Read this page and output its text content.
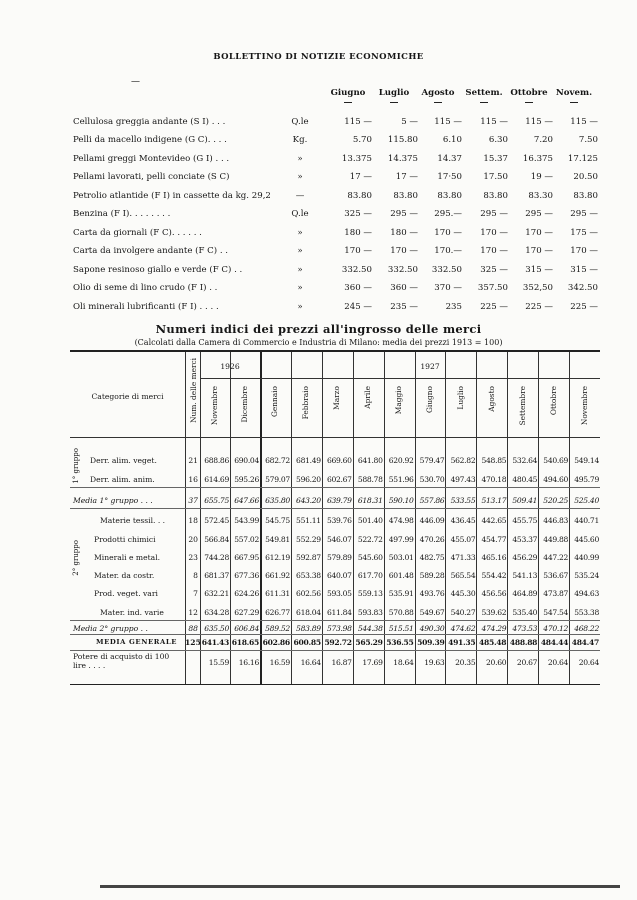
BOLLETTINO DI NOTIZIE ECONOMICHE
—
Giugno	Luglio	Agosto	Settem. Ottobre Novem.
Cellulosa greggia andante (S I) . . .	Q.le	115 —	5 —	115 —	115 —	115 —	115 —
Pelli da macello indigene (G C). . . .	Kg.	5.70	115.80	6.10	6.30	7.20	7.50
Pellami greggi Montevideo (G I) . . .	»	13.375	14.375	14.37	15.37	16.375	17.125
Pellami lavorati, pelli conciate (S C)	»	17 —	17 —	17·50	17.50	19 —	20.50
Petrolio atlantide (F I) in cassette da kg. 29,2	—	83.80	83.80	83.80	83.80	83.30	83.80
Benzina (F I). . . . . . . .	Q.le	325 —	295 —	295.—	295 —	295 —	295 —
Carta da giornali (F C). . . . . .	»	180 —	180 —	170 —	170 —	170 —	175 —
Carta da involgere andante (F C) . .	»	170 —	170 —	170.—	170 —	170 —	170 —
Sapone resinoso giallo e verde (F C) . .	»	332.50	332.50	332.50	325 —	315 —	315 —
Olio di seme di lino crudo (F I) . .	»	360 —	360 —	370 —	357.50	352,50	342.50
Oli minerali lubrificanti (F I) . . . .	»	245 —	235 —	235	225 —	225 —	225 —
Numeri indici dei prezzi all'ingrosso delle merci
(Calcolati dalla Camera di Commercio e Industria di Milano: media dei prezzi 1913 = 100)
Categorie di merci	Num. delle merci	1926	1927
Novembre	Dicembre	Gennaio	Febbraio	Marzo	Aprile	Maggio	Giugno	Luglio	Agosto	Settembre	Ottobre	Novembre
1° gruppo
2° gruppo
Derr. alim. veget.	21 688.86 690.04 682.72 681.49 669.60 641.80 620.92 579.47 562.82 548.85 532.64 540.69 549.14
Derr. alim. anim.	16 614.69 595.26 579.07 596.20 602.67 588.78 551.96 530.70 497.43 470.18 480.45 494.60 495.79
Media 1° gruppo . . .	37 655.75 647.66 635.80 643.20 639.79 618.31 590.10 557.86 533.55 513.17 509.41 520.25 525.40
Materie tessil. . .	18 572.45 543.99 545.75 551.11 539.76 501.40 474.98 446.09 436.45 442.65 455.75 446.83 440.71
Prodotti chimici	20 566.84 557.02 549.81 552.29 546.07 522.72 497.99 470.26 455.07 454.77 453.37 449.88 445.60
Minerali e metal.	23 744.28 667.95 612.19 592.87 579.89 545.60 503.01 482.75 471.33 465.16 456.29 447.22 440.99
Mater. da costr.	8 681.37 677.36 661.92 653.38 640.07 617.70 601.48 589.28 565.54 554.42 541.13 536.67 535.24
Prod. veget. vari	7 632.21 624.26 611.31 602.56 593.05 559.13 535.91 493.76 445.30 456.56 464.89 473.87 494.63
Mater. ind. varie	12 634.28 627.29 626.77 618.04 611.84 593.83 570.88 549.67 540.27 539.62 535.40 547.54 553.38
Media 2° gruppo . .	88 635.50 606.84 589.52 583.89 573.98 544.38 515.51 490.30 474.62 474.29 473.53 470.12 468.22
MEDIA GENERALE 125 641.43 618.65 602.86 600.85 592.72 565.29 536.55 509.39 491.35 485.48 488.88 484.44 484.47
Potere di acquisto di 100 lire . . . .	15.59	16.16	16.59	16.64	16.87	17.69	18.64	19.63	20.35	20.60	20.67	20.64	20.64
